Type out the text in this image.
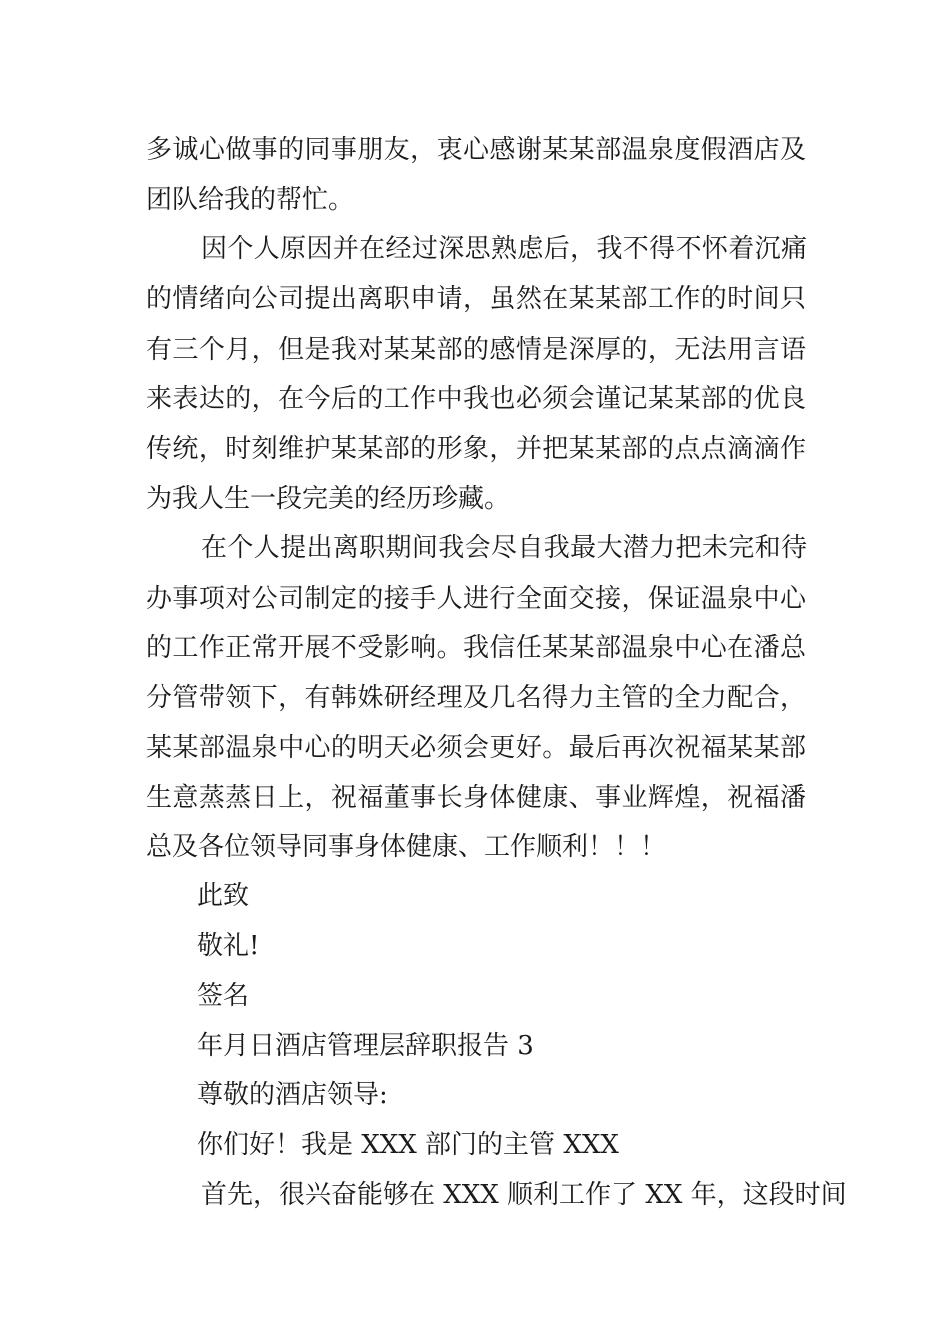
多诚心做事的同事朋友，衷心感谢某某部温泉度假酒店及
团队给我的帮忙。
因个人原因并在经过深思熟虑后，我不得不怀着沉痛
的情绪向公司提出离职申请，虽然在某某部工作的时间只
有三个月，但是我对某某部的感情是深厚的，无法用言语
来表达的，在今后的工作中我也必须会谨记某某部的优良
传统，时刻维护某某部的形象，并把某某部的点点滴滴作
为我人生一段完美的经历珍藏。
在个人提出离职期间我会尽自我最大潜力把未完和待
办事项对公司制定的接手人进行全面交接，保证温泉中心
的工作正常开展不受影响。我信任某某部温泉中心在潘总
分管带领下，有韩姝研经理及几名得力主管的全力配合，
某某部温泉中心的明天必须会更好。最后再次祝福某某部
生意蒸蒸日上，祝福董事长身体健康、事业辉煌，祝福潘
总及各位领导同事身体健康、工作顺利！！！
此致
敬礼!
签名
年月日酒店管理层辞职报告 3
尊敬的酒店领导:
你们好！我是 XXX 部门的主管 XXX
首先，很兴奋能够在 XXX 顺利工作了 XX 年，这段时间
